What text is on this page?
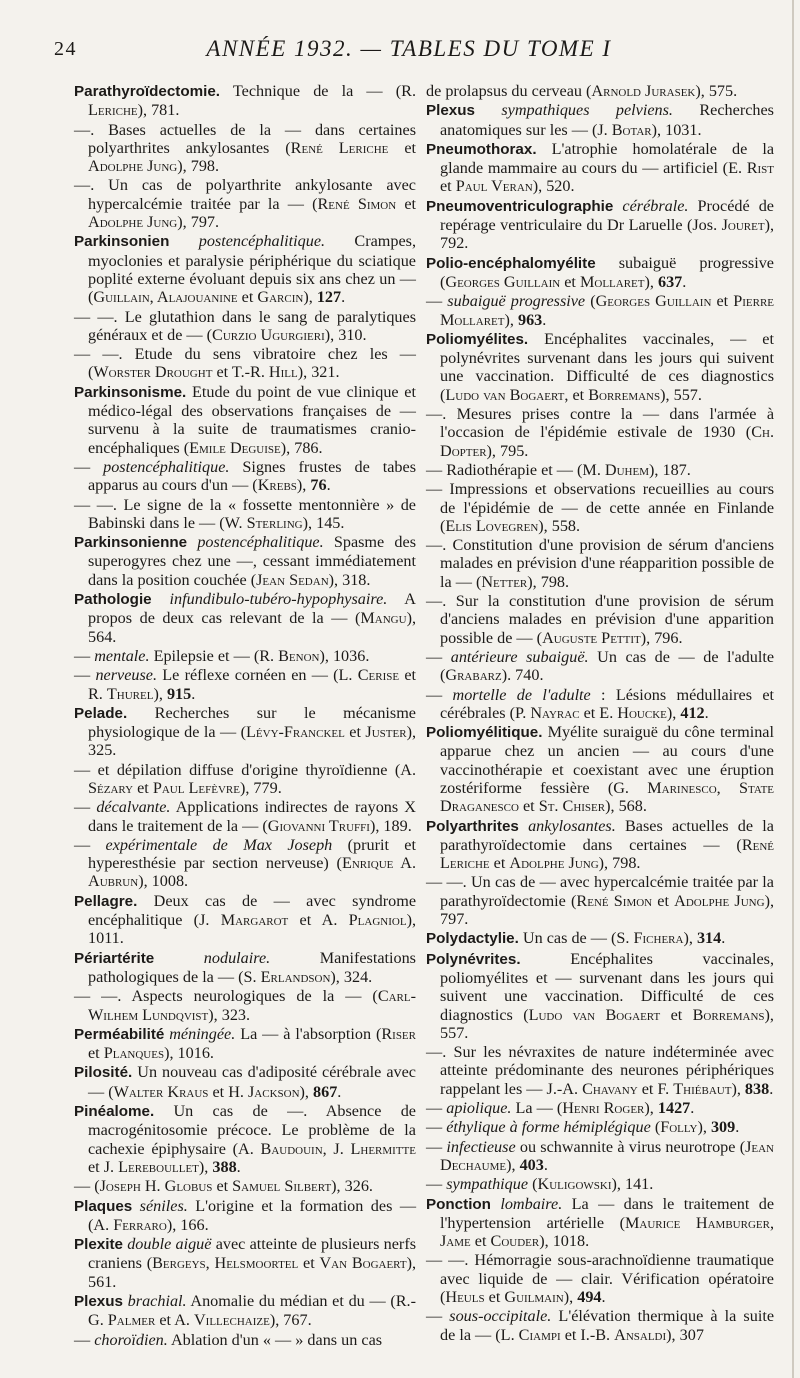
24	ANNÉE 1932. — TABLES DU TOME I
Parathyroïdectomie. Technique de la — (R. Leriche), 781.
—. Bases actuelles de la — dans certaines polyarthrites ankylosantes (René Leriche et Adolphe Jung), 798.
—. Un cas de polyarthrite ankylosante avec hypercalcémie traitée par la — (René Simon et Adolphe Jung), 797.
Parkinsonien postencéphalitique. Crampes, myoclonies et paralysie périphérique du sciatique poplité externe évoluant depuis six ans chez un — (Guillain, Alajouanine et Garcin), 127.
— —. Le glutathion dans le sang de paralytiques généraux et de — (Curzio Ugurgieri), 310.
— —. Etude du sens vibratoire chez les — (Worster Drought et T.-R. Hill), 321.
Parkinsonisme. Etude du point de vue clinique et médico-légal des observations françaises de — survenu à la suite de traumatismes cranio-encéphaliques (Emile Deguise), 786.
— postencéphalitique. Signes frustes de tabes apparus au cours d'un — (Krebs), 76.
— —. Le signe de la « fossette mentonnière » de Babinski dans le — (W. Sterling), 145.
Parkinsonienne postencéphalitique. Spasme des superogyres chez une —, cessant immédiatement dans la position couchée (Jean Sedan), 318.
Pathologie infundibulo-tubéro-hypophysaire. A propos de deux cas relevant de la — (Mangu), 564.
— mentale. Epilepsie et — (R. Benon), 1036.
— nerveuse. Le réflexe cornéen en — (L. Cerise et R. Thurel), 915.
Pelade. Recherches sur le mécanisme physiologique de la — (Lévy-Franckel et Juster), 325.
— et dépilation diffuse d'origine thyroïdienne (A. Sézary et Paul Lefèvre), 779.
— décalvante. Applications indirectes de rayons X dans le traitement de la — (Giovanni Truffi), 189.
— expérimentale de Max Joseph (prurit et hyperesthésie par section nerveuse) (Enrique A. Aubrun), 1008.
Pellagre. Deux cas de — avec syndrome encéphalitique (J. Margarot et A. Plagniol), 1011.
Périartérite nodulaire. Manifestations pathologiques de la — (S. Erlandson), 324.
— —. Aspects neurologiques de la — (Carl-Wilhem Lundqvist), 323.
Perméabilité méningée. La — à l'absorption (Riser et Planques), 1016.
Pilosité. Un nouveau cas d'adiposité cérébrale avec — (Walter Kraus et H. Jackson), 867.
Pinéalome. Un cas de —. Absence de macrogénitosomie précoce. Le problème de la cachexie épiphysaire (A. Baudouin, J. Lhermitte et J. Lereboullet), 388.
— (Joseph H. Globus et Samuel Silbert), 326.
Plaques séniles. L'origine et la formation des — (A. Ferraro), 166.
Plexite double aiguë avec atteinte de plusieurs nerfs craniens (Bergeys, Helsmoortel et Van Bogaert), 561.
Plexus brachial. Anomalie du médian et du — (R.-G. Palmer et A. Villechaize), 767.
— choroïdien. Ablation d'un « — » dans un cas
de prolapsus du cerveau (Arnold Jurasek), 575.
Plexus sympathiques pelviens. Recherches anatomiques sur les — (J. Botar), 1031.
Pneumothorax. L'atrophie homolatérale de la glande mammaire au cours du — artificiel (E. Rist et Paul Veran), 520.
Pneumoventriculographie cérébrale. Procédé de repérage ventriculaire du Dr Laruelle (Jos. Jouret), 792.
Polio-encéphalomyélite subaiguë progressive (Georges Guillain et Mollaret), 637.
— subaiguë progressive (Georges Guillain et Pierre Mollaret), 963.
Poliomyélites. Encéphalites vaccinales, — et polynévrites survenant dans les jours qui suivent une vaccination. Difficulté de ces diagnostics (Ludo van Bogaert, et Borremans), 557.
—. Mesures prises contre la — dans l'armée à l'occasion de l'épidémie estivale de 1930 (Ch. Dopter), 795.
— Radiothérapie et — (M. Duhem), 187.
— Impressions et observations recueillies au cours de l'épidémie de — de cette année en Finlande (Elis Lovegren), 558.
—. Constitution d'une provision de sérum d'anciens malades en prévision d'une réapparition possible de la — (Netter), 798.
—. Sur la constitution d'une provision de sérum d'anciens malades en prévision d'une apparition possible de — (Auguste Pettit), 796.
— antérieure subaiguë. Un cas de — de l'adulte (Grabarz). 740.
— mortelle de l'adulte : Lésions médullaires et cérébrales (P. Nayrac et E. Houcke), 412.
Poliomyélitique. Myélite suraiguë du cône terminal apparue chez un ancien — au cours d'une vaccinothérapie et coexistant avec une éruption zostériforme fessière (G. Marinesco, State Draganesco et St. Chiser), 568.
Polyarthrites ankylosantes. Bases actuelles de la parathyroïdectomie dans certaines — (René Leriche et Adolphe Jung), 798.
— —. Un cas de — avec hypercalcémie traitée par la parathyroïdectomie (René Simon et Adolphe Jung), 797.
Polydactylie. Un cas de — (S. Fichera), 314.
Polynévrites. Encéphalites vaccinales, poliomyélites et — survenant dans les jours qui suivent une vaccination. Difficulté de ces diagnostics (Ludo van Bogaert et Borremans), 557.
—. Sur les névraxites de nature indéterminée avec atteinte prédominante des neurones périphériques rappelant les — J.-A. Chavany et F. Thiébaut), 838.
— apiolique. La — (Henri Roger), 1427.
— éthylique à forme hémiplégique (Folly), 309.
— infectieuse ou schwannite à virus neurotrope (Jean Dechaume), 403.
— sympathique (Kuligowski), 141.
Ponction lombaire. La — dans le traitement de l'hypertension artérielle (Maurice Hamburger, Jame et Couder), 1018.
— —. Hémorragie sous-arachnoïdienne traumatique avec liquide de — clair. Vérification opératoire (Heuls et Guilmain), 494.
— sous-occipitale. L'élévation thermique à la suite de la — (L. Ciampi et I.-B. Ansaldi), 307
